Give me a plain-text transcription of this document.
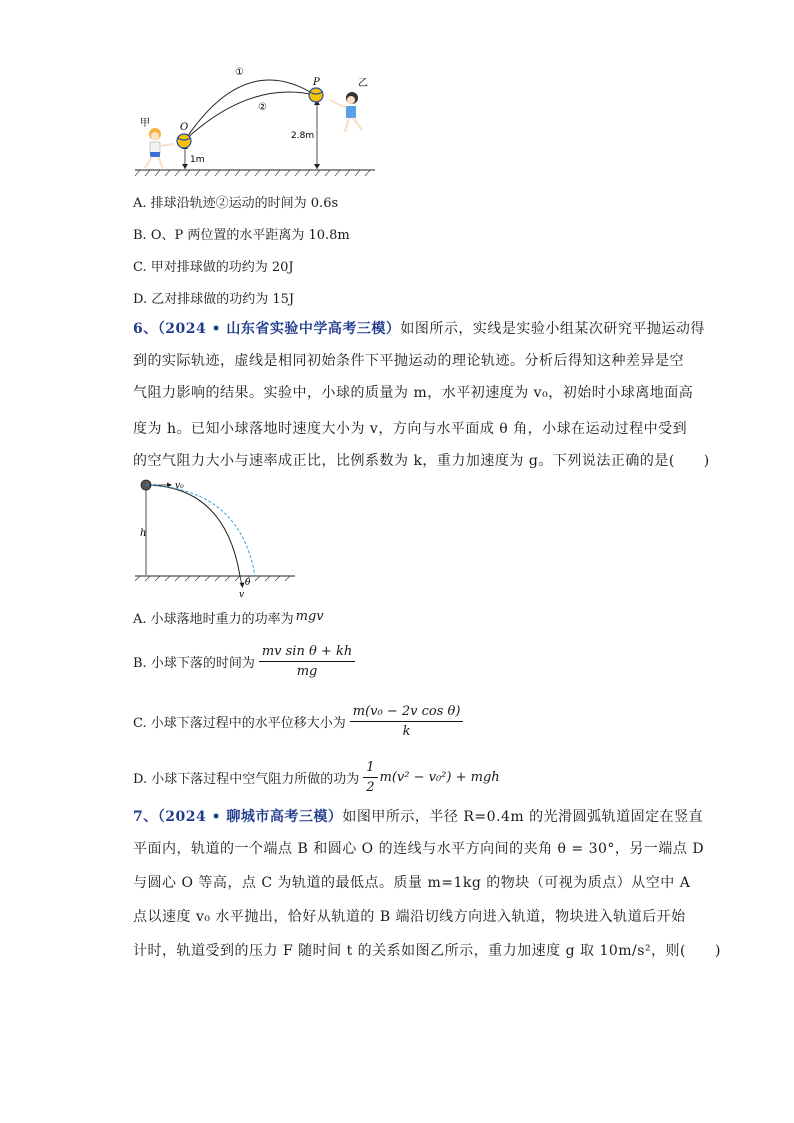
甲
乙
O
P
①
②
1m
2.8m
A. 排球沿轨迹②运动的时间为 0.6s
B. O、P 两位置的水平距离为 10.8m
C. 甲对排球做的功约为 20J
D. 乙对排球做的功约为 15J
6、（2024 • 山东省实验中学高考三模）如图所示，实线是实验小组某次研究平抛运动得
到的实际轨迹，虚线是相同初始条件下平抛运动的理论轨迹。分析后得知这种差异是空
气阻力影响的结果。实验中，小球的质量为 m，水平初速度为 v₀，初始时小球离地面高
度为 h。已知小球落地时速度大小为 v，方向与水平面成 θ 角，小球在运动过程中受到
的空气阻力大小与速率成正比，比例系数为 k，重力加速度为 g。下列说法正确的是(　　)
h
v₀
θ
v
A. 小球落地时重力的功率为 mgv
B. 小球下落的时间为 $\frac{\text{mv sin θ + kh}}{mg}$
C. 小球下落过程中的水平位移大小为 $\frac{\text{m(v₀ − 2v cos θ)}}{k}$
D. 小球下落过程中空气阻力所做的功为 $\frac{1}{2} m(v^2 - v_0^2)$ + mgh
7、（2024 • 聊城市高考三模）如图甲所示，半径 R=0.4m 的光滑圆弧轨道固定在竖直
平面内，轨道的一个端点 B 和圆心 O 的连线与水平方向间的夹角 θ = 30°，另一端点 D
与圆心 O 等高，点 C 为轨道的最低点。质量 m=1kg 的物块（可视为质点）从空中 A
点以速度 v₀ 水平抛出，恰好从轨道的 B 端沿切线方向进入轨道，物块进入轨道后开始
计时，轨道受到的压力 F 随时间 t 的关系如图乙所示，重力加速度 g 取 10m/s²，则(　　)
